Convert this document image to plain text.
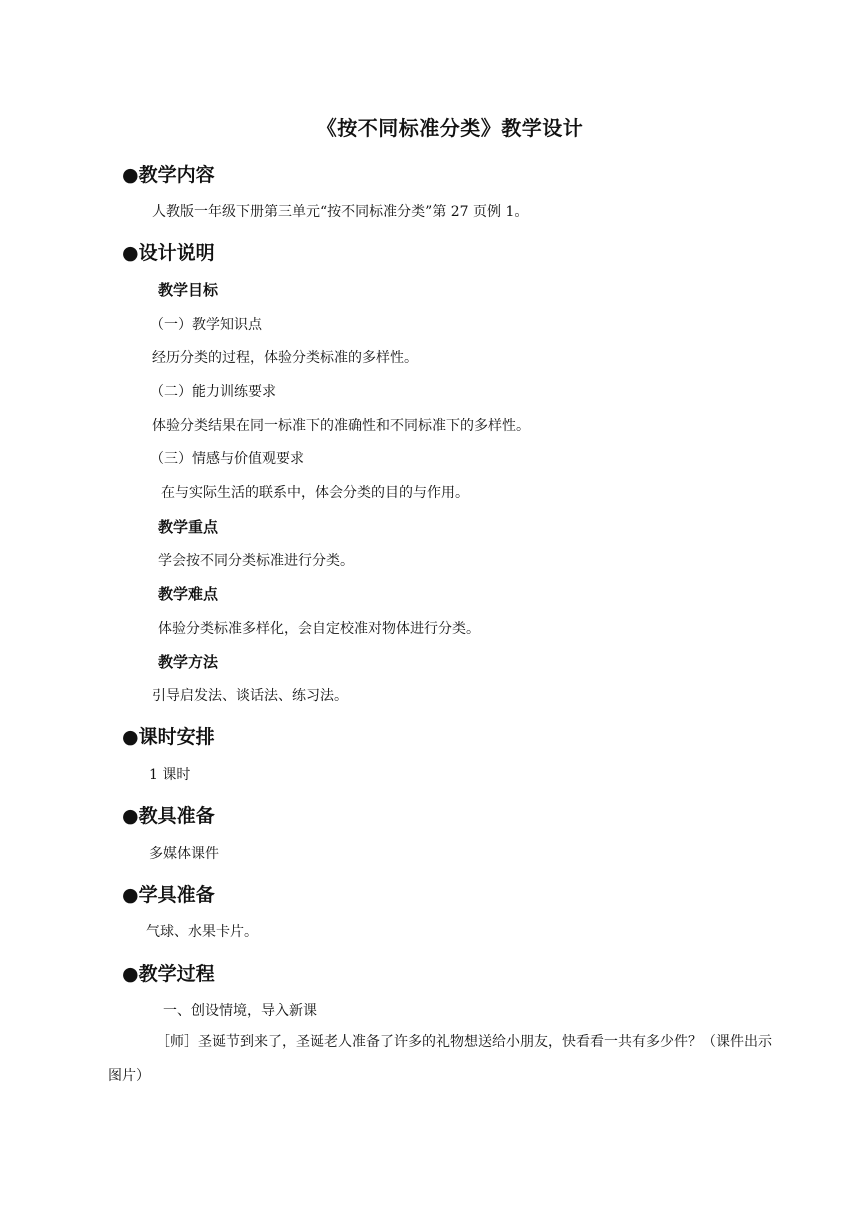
《按不同标准分类》教学设计
●教学内容
人教版一年级下册第三单元“按不同标准分类”第 27 页例 1。
●设计说明
教学目标
（一）教学知识点
经历分类的过程，体验分类标准的多样性。
（二）能力训练要求
体验分类结果在同一标准下的准确性和不同标准下的多样性。
（三）情感与价值观要求
在与实际生活的联系中，体会分类的目的与作用。
教学重点
学会按不同分类标准进行分类。
教学难点
体验分类标准多样化，会自定校准对物体进行分类。
教学方法
引导启发法、谈话法、练习法。
●课时安排
1 课时
●教具准备
多媒体课件
●学具准备
气球、水果卡片。
●教学过程
一、创设情境，导入新课
［师］圣诞节到来了，圣诞老人准备了许多的礼物想送给小朋友，快看看一共有多少件？（课件出示图片）
